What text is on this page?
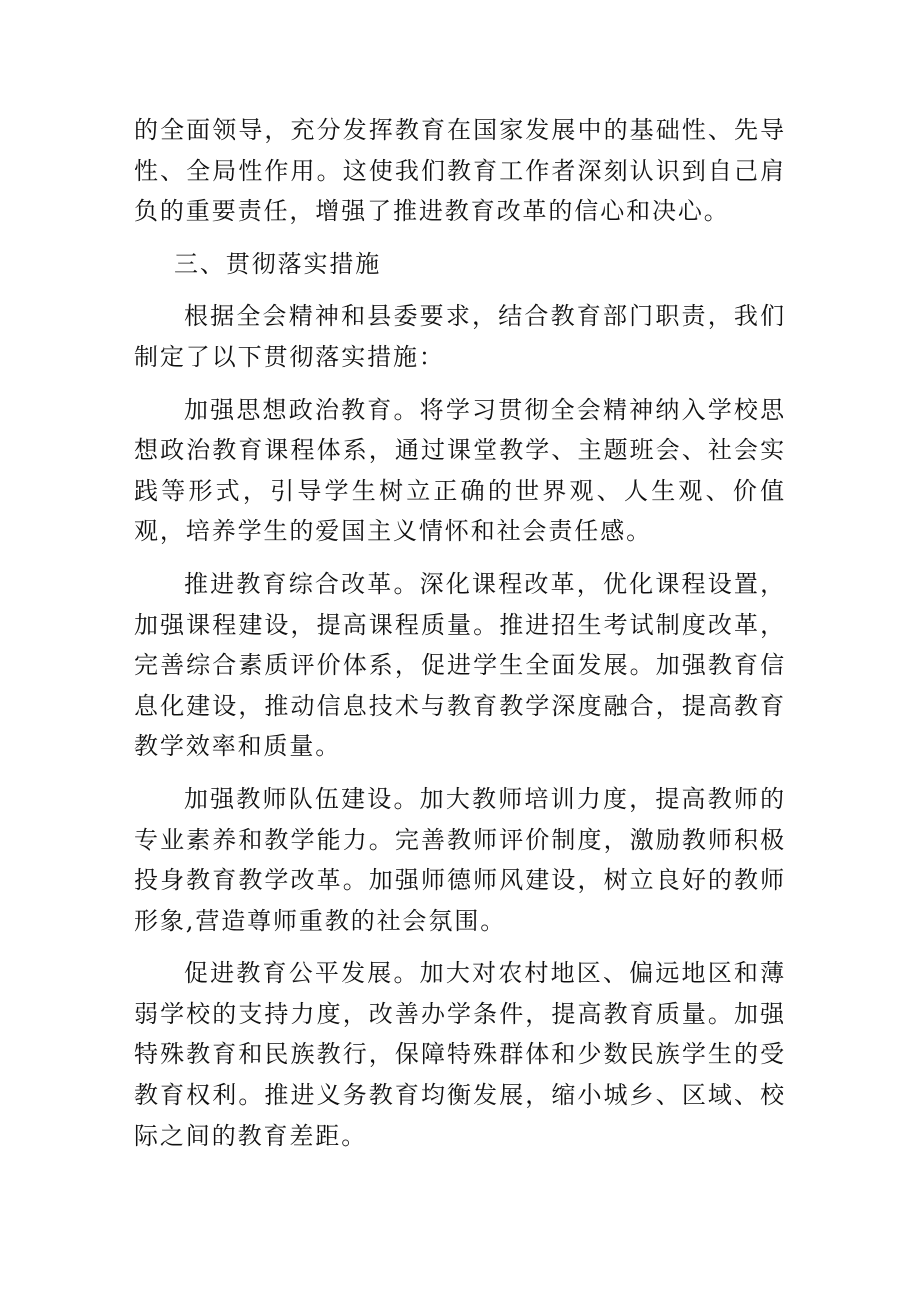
的全面领导，充分发挥教育在国家发展中的基础性、先导性、全局性作用。这使我们教育工作者深刻认识到自己肩负的重要责任，增强了推进教育改革的信心和决心。

三、贯彻落实措施

根据全会精神和县委要求，结合教育部门职责，我们制定了以下贯彻落实措施：

加强思想政治教育。将学习贯彻全会精神纳入学校思想政治教育课程体系，通过课堂教学、主题班会、社会实践等形式，引导学生树立正确的世界观、人生观、价值观，培养学生的爱国主义情怀和社会责任感。

推进教育综合改革。深化课程改革，优化课程设置，加强课程建设，提高课程质量。推进招生考试制度改革，完善综合素质评价体系，促进学生全面发展。加强教育信息化建设，推动信息技术与教育教学深度融合，提高教育教学效率和质量。

加强教师队伍建设。加大教师培训力度，提高教师的专业素养和教学能力。完善教师评价制度，激励教师积极投身教育教学改革。加强师德师风建设，树立良好的教师形象,营造尊师重教的社会氛围。

促进教育公平发展。加大对农村地区、偏远地区和薄弱学校的支持力度，改善办学条件，提高教育质量。加强特殊教育和民族教行，保障特殊群体和少数民族学生的受教育权利。推进义务教育均衡发展，缩小城乡、区域、校际之间的教育差距。
